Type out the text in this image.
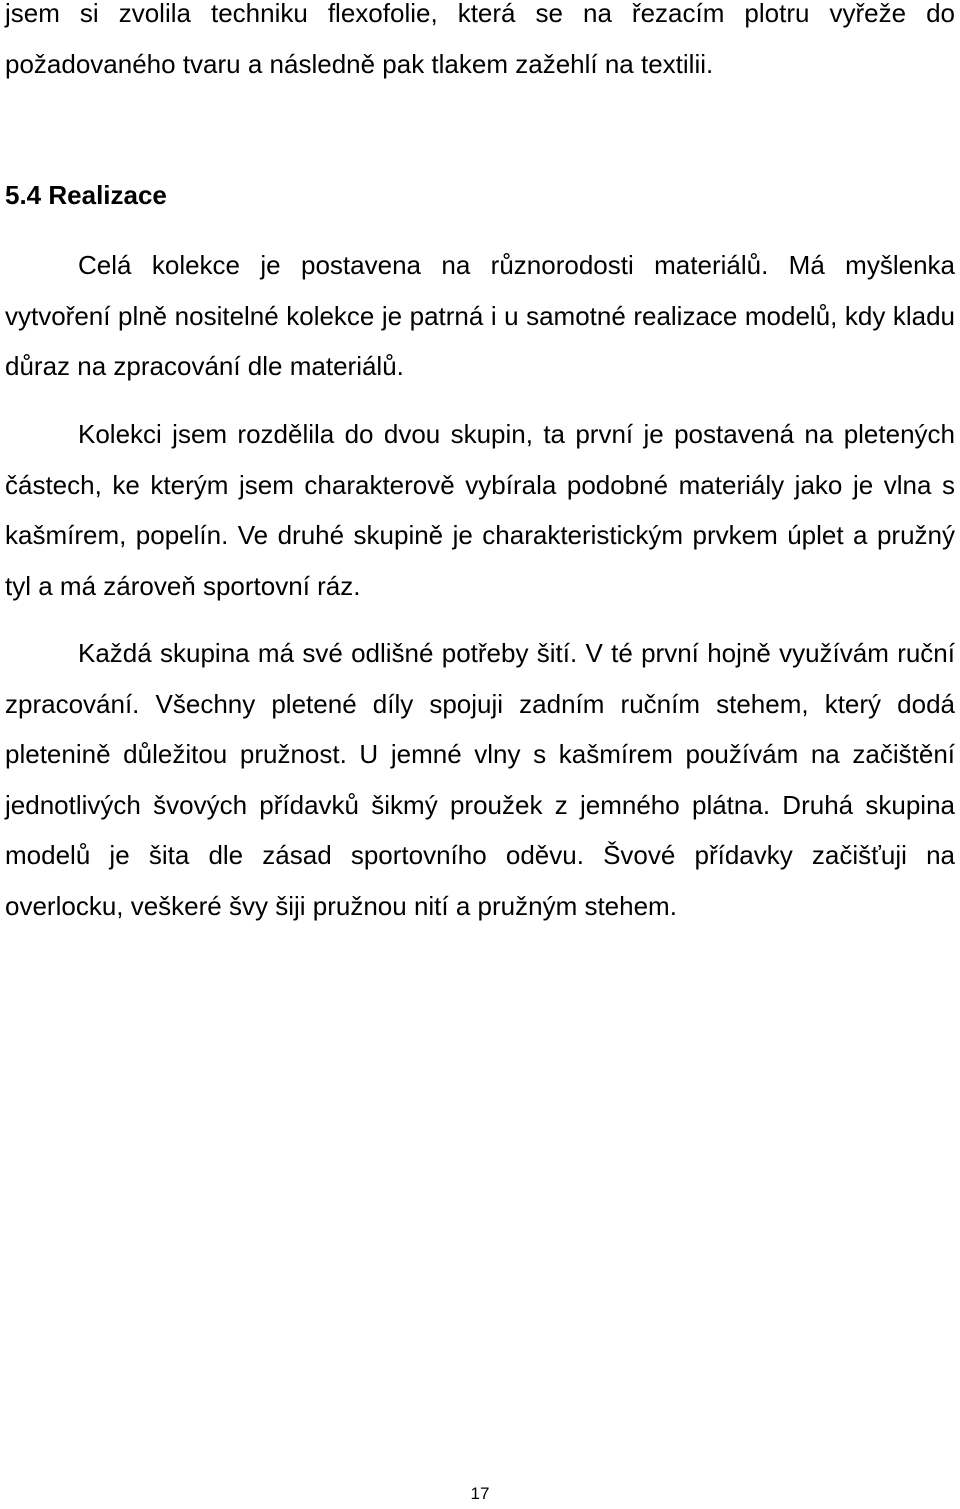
jsem si zvolila techniku flexofolie, která se na řezacím plotru vyřeže do požadovaného tvaru a následně pak tlakem zažehlí na textilii.

5.4 Realizace

Celá kolekce je postavena na různorodosti materiálů. Má myšlenka vytvoření plně nositelné kolekce je patrná i u samotné realizace modelů, kdy kladu důraz na zpracování dle materiálů.

Kolekci jsem rozdělila do dvou skupin, ta první je postavená na pletených částech, ke kterým jsem charakterově vybírala podobné materiály jako je vlna s kašmírem, popelín. Ve druhé skupině je charakteristickým prvkem úplet a pružný tyl a má zároveň sportovní ráz.

Každá skupina má své odlišné potřeby šití. V té první hojně využívám ruční zpracování. Všechny pletené díly spojuji zadním ručním stehem, který dodá pletenině důležitou pružnost. U jemné vlny s kašmírem používám na začištění jednotlivých švových přídavků šikmý proužek z jemného plátna. Druhá skupina modelů je šita dle zásad sportovního oděvu. Švové přídavky začišťuji na overlocku, veškeré švy šiji pružnou nití a pružným stehem.

17
